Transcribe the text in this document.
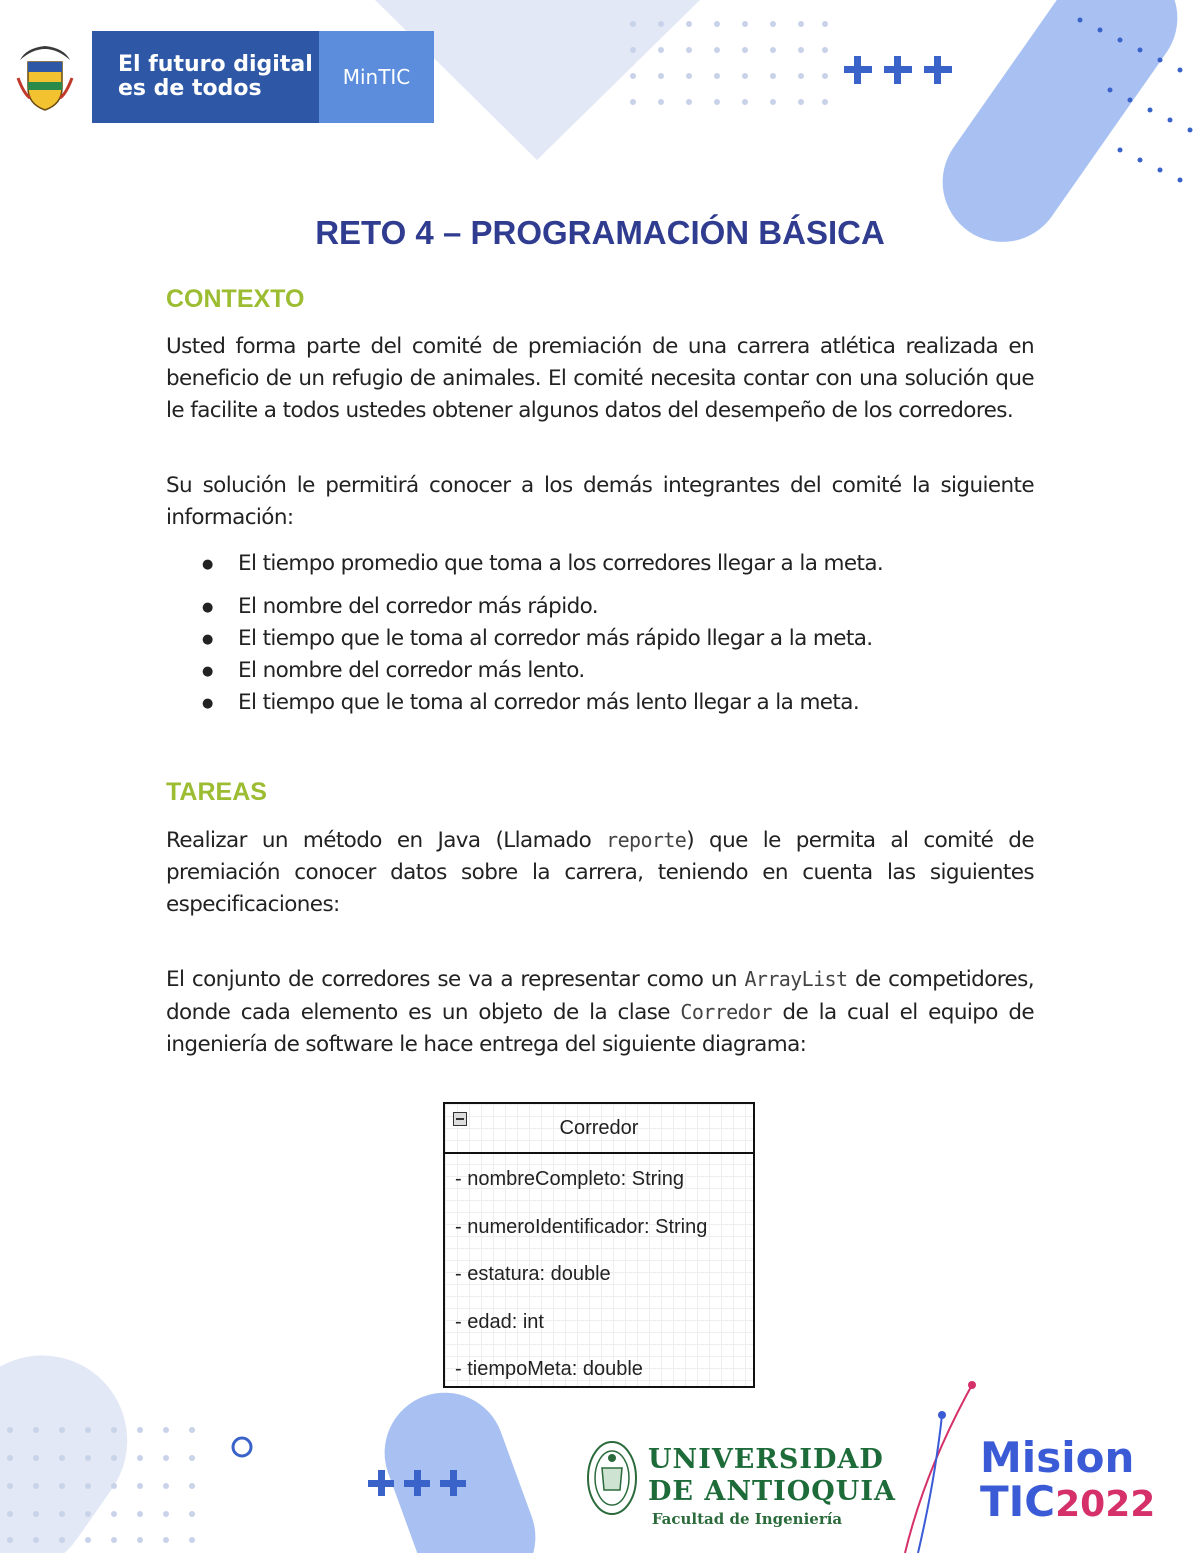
El futuro digital
es de todos	MinTIC
RETO 4 – PROGRAMACIÓN BÁSICA
CONTEXTO
Usted forma parte del comité de premiación de una carrera atlética realizada en beneficio de un refugio de animales. El comité necesita contar con una solución que le facilite a todos ustedes obtener algunos datos del desempeño de los corredores.
Su solución le permitirá conocer a los demás integrantes del comité la siguiente información:
● El tiempo promedio que toma a los corredores llegar a la meta.
● El nombre del corredor más rápido.
● El tiempo que le toma al corredor más rápido llegar a la meta.
● El nombre del corredor más lento.
● El tiempo que le toma al corredor más lento llegar a la meta.
TAREAS
Realizar un método en Java (Llamado reporte) que le permita al comité de premiación conocer datos sobre la carrera, teniendo en cuenta las siguientes especificaciones:
El conjunto de corredores se va a representar como un ArrayList de competidores, donde cada elemento es un objeto de la clase Corredor de la cual el equipo de ingeniería de software le hace entrega del siguiente diagrama:
Corredor
- nombreCompleto: String
- numeroIdentificador: String
- estatura: double
- edad: int
- tiempoMeta: double
UNIVERSIDAD
DE ANTIOQUIA
Facultad de Ingeniería
Mision
TIC2022
